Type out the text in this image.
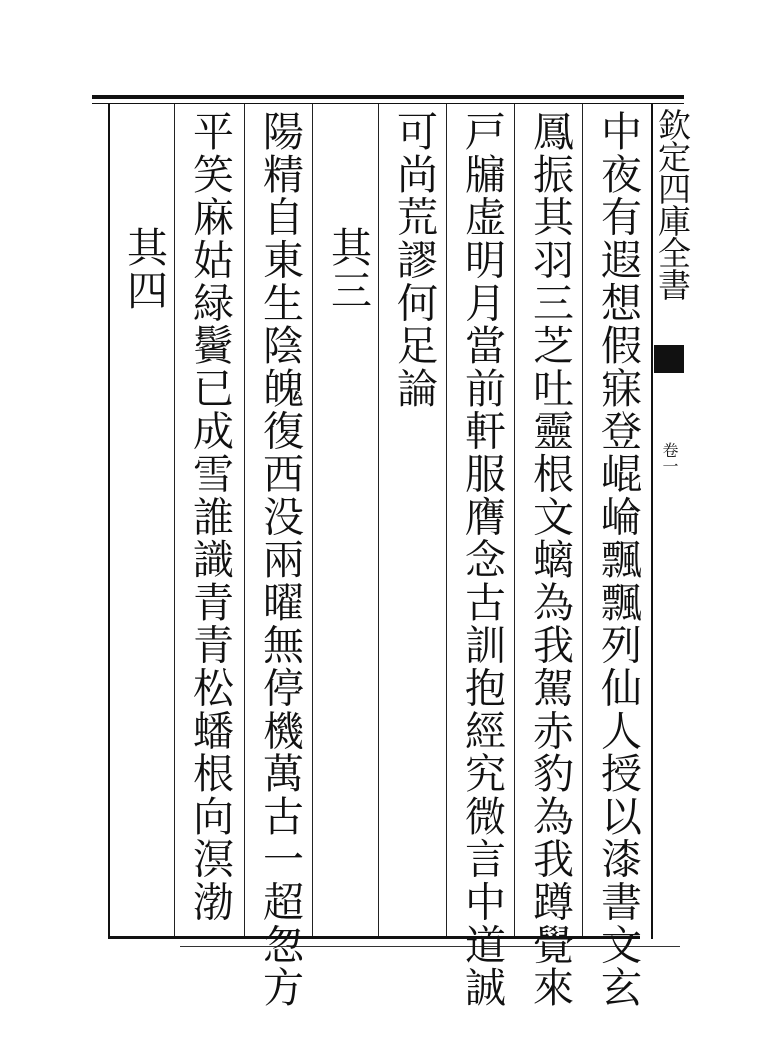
欽定四庫全書
卷一
中夜有遐想假寐登崐崘飄飄列仙人授以漆書文玄
鳳振其羽三芝吐靈根文螭為我駕赤豹為我蹲覺來
戸牖虚明月當前軒服膺念古訓抱經究微言中道誠
可尚荒謬何足論
其三
陽精自東生陰魄復西没兩曜無停機萬古一超忽方
平笑麻姑緑鬢已成雪誰識青青松蟠根向溟渤
其四
